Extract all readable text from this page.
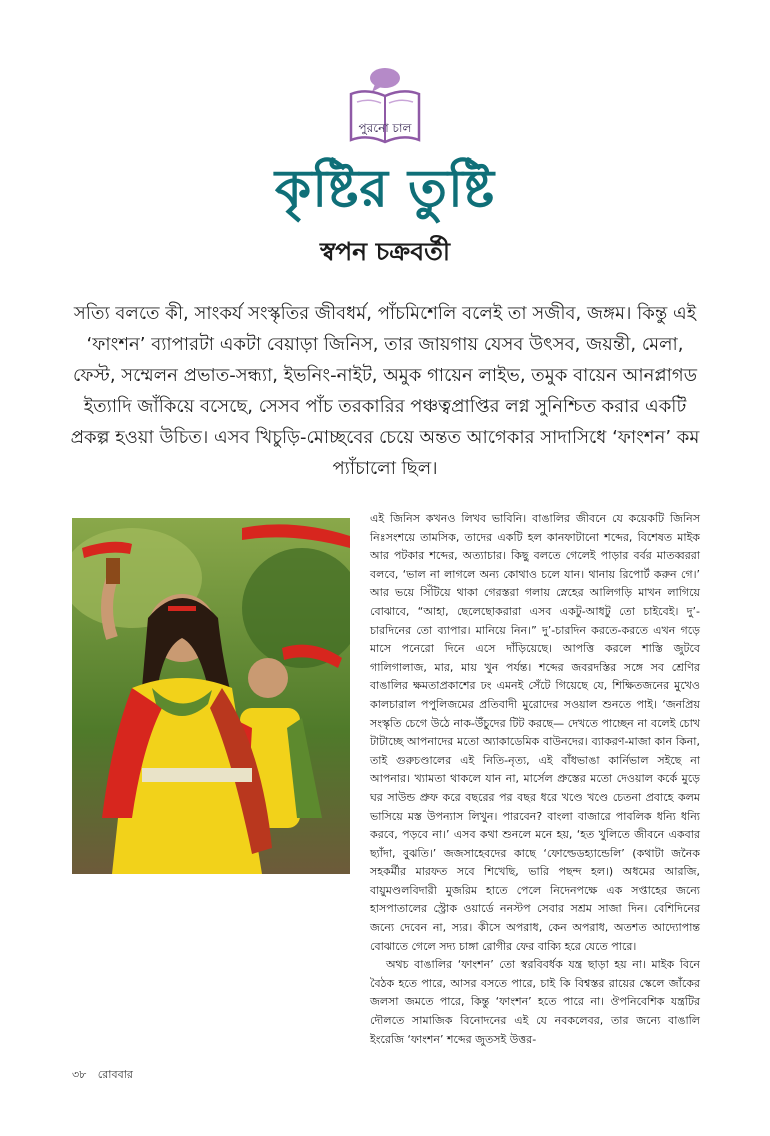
পুরনো চাল
কৃষ্টির তুষ্টি
স্বপন চক্রবর্তী
সত্যি বলতে কী, সাংকর্য সংস্কৃতির জীবধর্ম, পাঁচমিশেলি বলেই তা সজীব, জঙ্গম। কিন্তু এই ‘ফাংশন’ ব্যাপারটা একটা বেয়াড়া জিনিস, তার জায়গায় যেসব উৎসব, জয়ন্তী, মেলা, ফেস্ট, সম্মেলন প্রভাত-সন্ধ্যা, ইভনিং-নাইট, অমুক গায়েন লাইভ, তমুক বায়েন আনপ্লাগড ইত্যাদি জাঁকিয়ে বসেছে, সেসব পাঁচ তরকারির পঞ্চত্বপ্রাপ্তির লগ্ন সুনিশ্চিত করার একটি প্রকল্প হওয়া উচিত। এসব খিচুড়ি-মোচ্ছবের চেয়ে অন্তত আগেকার সাদাসিধে ‘ফাংশন’ কম প্যাঁচালো ছিল।

এই জিনিস কখনও লিখব ভাবিনি। বাঙালির জীবনে যে কয়েকটি জিনিস নিঃসংশয়ে তামসিক, তাদের একটি হল কানফাটানো শব্দের, বিশেষত মাইক আর পটকার শব্দের, অত্যাচার। কিছু বলতে গেলেই পাড়ার বর্বর মাতব্বররা বলবে, ‘ভাল না লাগলে অন্য কোথাও চলে যান। থানায় রিপোর্ট করুন গে।’ আর ভয়ে সিঁটিয়ে থাকা গেরস্তরা গলায় স্নেহের আলিগড়ি মাখন লাগিয়ে বোঝাবে, “আহা, ছেলেছোকরারা এসব একটু-আধটু তো চাইবেই। দু’-চারদিনের তো ব্যাপার। মানিয়ে নিন।” দু’-চারদিন করতে-করতে এখন গড়ে মাসে পনেরো দিনে এসে দাঁড়িয়েছে। আপত্তি করলে শাস্তি জুটবে গালিগালাজ, মার, মায় খুন পর্যন্ত। শব্দের জবরদস্তির সঙ্গে সব শ্রেণির বাঙালির ক্ষমতাপ্রকাশের ঢং এমনই সেঁটে গিয়েছে যে, শিক্ষিতজনের মুখেও কালচারাল পপুলিজমের প্রতিবাদী মুরোদের সওয়াল শুনতে পাই। ‘জনপ্রিয় সংস্কৃতি চেগে উঠে নাক-উঁচুদের টিট করছে— দেখতে পাচ্ছেন না বলেই চোখ টাটাচ্ছে আপনাদের মতো অ্যাকাডেমিক বাউনদের। ব্যাকরণ-মাজা কান কিনা, তাই গুরুচণ্ডালের এই নিতি-নৃত্য, এই বাঁধভাঙা কার্নিভাল সইছে না আপনার। খ্যামতা থাকলে যান না, মার্সেল প্রুস্তের মতো দেওয়াল কর্কে মুড়ে ঘর সাউন্ড প্রুফ করে বছরের পর বছর ধরে খণ্ডে খণ্ডে চেতনা প্রবাহে কলম ভাসিয়ে মস্ত উপন্যাস লিখুন। পারবেন? বাংলা বাজারে পাবলিক ধন্যি ধন্যি করবে, পড়বে না।’ এসব কথা শুনলে মনে হয়, ‘হত খুলিতে জীবনে একবার ছ্যাঁদা, বুঝতি।’ জজসাহেবদের কাছে ‘ফোল্ডেডহ্যান্ডেলি’ (কথাটা জনৈক সহকর্মীর মারফত সবে শিখেছি, ভারি পছন্দ হল।) অধমের আরজি, বায়ুমণ্ডলবিদারী মুজরিম হাতে পেলে নিদেনপক্ষে এক সপ্তাহের জন্যে হাসপাতালের স্ট্রোক ওয়ার্ডে ননস্টপ সেবার সশ্রম সাজা দিন। বেশিদিনের জন্যে দেবেন না, স্যর। কীসে অপরাধ, কেন অপরাধ, অতশত আদ্যোপান্ত বোঝাতে গেলে সদ্য চাঙ্গা রোগীর ফের বাক্যি হরে যেতে পারে।

অথচ বাঙালির ‘ফাংশন’ তো স্বরবিবর্ধক যন্ত্র ছাড়া হয় না। মাইক বিনে বৈঠক হতে পারে, আসর বসতে পারে, চাই কি বিশ্বস্তর রায়ের স্কেলে জাঁকের জলসা জমতে পারে, কিন্তু ‘ফাংশন’ হতে পারে না। ঔপনিবেশিক যন্ত্রটির দৌলতে সামাজিক বিনোদনের এই যে নবকলেবর, তার জন্যে বাঙালি ইংরেজি ‘ফাংশন’ শব্দের জুতসই উত্তর-

৩৮ রোববার
